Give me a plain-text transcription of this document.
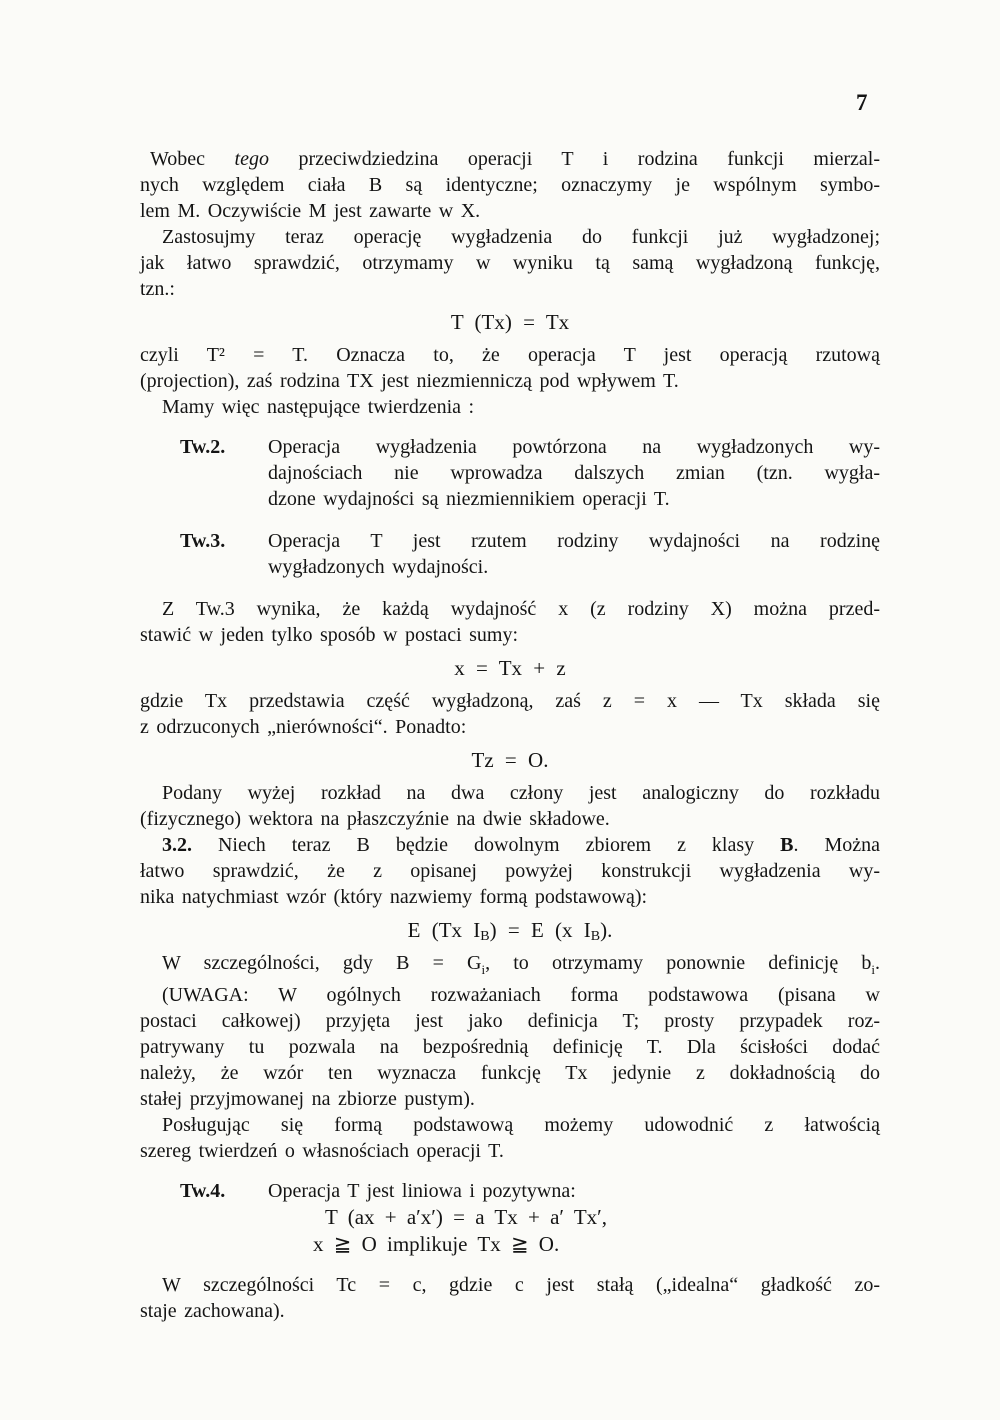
7
Wobec tego przeciwdziedzina operacji T i rodzina funkcji mierzal-
nych względem ciała B są identyczne; oznaczymy je wspólnym symbo-
lem M. Oczywiście M jest zawarte w X.
Zastosujmy teraz operację wygładzenia do funkcji już wygładzonej;
jak łatwo sprawdzić, otrzymamy w wyniku tą samą wygładzoną funkcję,
tzn.:
T (Tx) = Tx
czyli T² = T. Oznacza to, że operacja T jest operacją rzutową
(projection), zaś rodzina TX jest niezmienniczą pod wpływem T.
Mamy więc następujące twierdzenia :
Tw.2.	Operacja wygładzenia powtórzona na wygładzonych wy-
dajnościach nie wprowadza dalszych zmian (tzn. wygła-
dzone wydajności są niezmiennikiem operacji T.
Tw.3.	Operacja T jest rzutem rodziny wydajności na rodzinę
wygładzonych wydajności.
Z Tw.3 wynika, że każdą wydajność x (z rodziny X) można przed-
stawić w jeden tylko sposób w postaci sumy:
x = Tx + z
gdzie Tx przedstawia część wygładzoną, zaś z = x — Tx składa się
z odrzuconych „nierówności“. Ponadto:
Tz = O.
Podany wyżej rozkład na dwa człony jest analogiczny do rozkładu
(fizycznego) wektora na płaszczyźnie na dwie składowe.
3.2. Niech teraz B będzie dowolnym zbiorem z klasy B. Można
łatwo sprawdzić, że z opisanej powyżej konstrukcji wygładzenia wy-
nika natychmiast wzór (który nazwiemy formą podstawową):
E (Tx IB) = E (x IB).
W szczególności, gdy $B = G_i$, to otrzymamy ponownie definicję $b_i$.
(UWAGA: W ogólnych rozważaniach forma podstawowa (pisana w
postaci całkowej) przyjęta jest jako definicja T; prosty przypadek roz-
patrywany tu pozwala na bezpośrednią definicję T. Dla ścisłości dodać
należy, że wzór ten wyznacza funkcję Tx jedynie z dokładnością do
stałej przyjmowanej na zbiorze pustym).
Posługując się formą podstawową możemy udowodnić z łatwością
szereg twierdzeń o własnościach operacji T.
Tw.4.	Operacja T jest liniowa i pozytywna:
T (ax + a′x′) = a Tx + a′ Tx′,
x ≧ O implikuje Tx ≧ O.
W szczególności Tc = c, gdzie c jest stałą („idealna“ gładkość zo-
staje zachowana).
